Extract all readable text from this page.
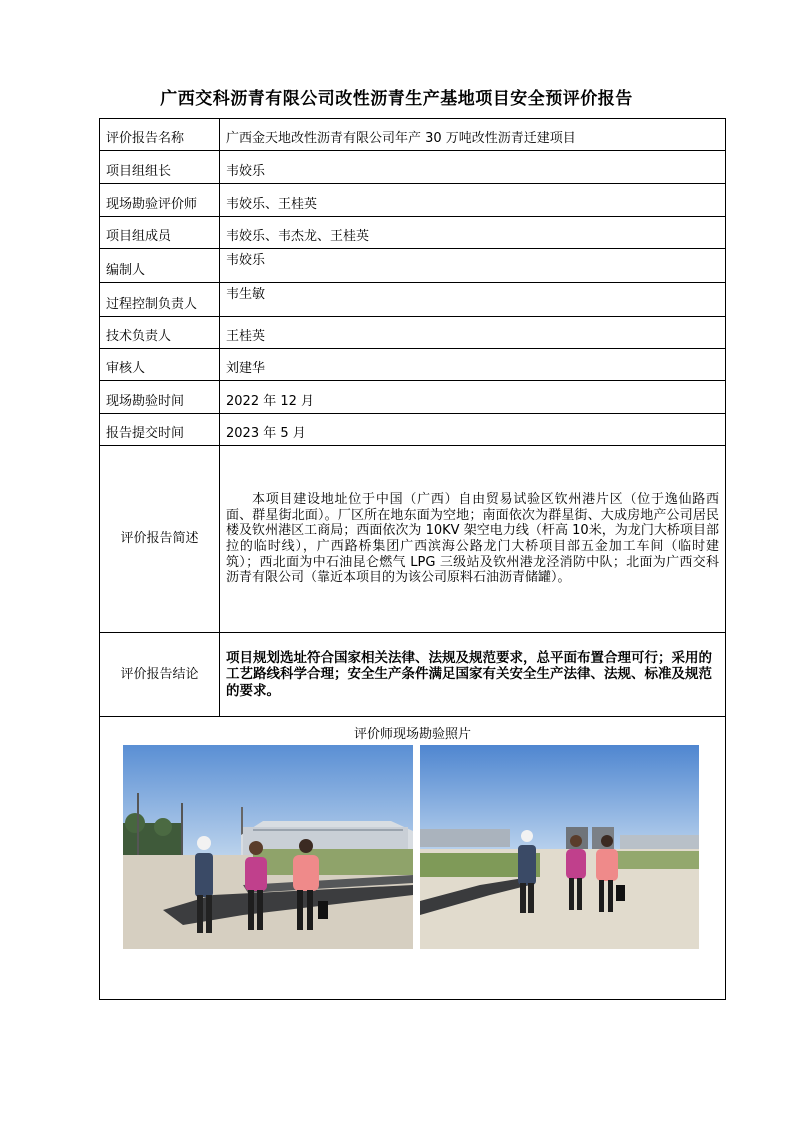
广西交科沥青有限公司改性沥青生产基地项目安全预评价报告
评价报告名称	广西金天地改性沥青有限公司年产 30 万吨改性沥青迁建项目
项目组组长	韦姣乐
现场勘验评价师	韦姣乐、王桂英
项目组成员	韦姣乐、韦杰龙、王桂英
编制人	韦姣乐
过程控制负责人	韦生敏
技术负责人	王桂英
审核人	刘建华
现场勘验时间	2022 年 12 月
报告提交时间	2023 年 5 月
评价报告简述	本项目建设地址位于中国（广西）自由贸易试验区钦州港片区（位于逸仙路西面、群星街北面）。厂区所在地东面为空地；南面依次为群星街、大成房地产公司居民楼及钦州港区工商局；西面依次为 10KV 架空电力线（杆高 10米，为龙门大桥项目部拉的临时线），广西路桥集团广西滨海公路龙门大桥项目部五金加工车间（临时建筑）；西北面为中石油昆仑燃气 LPG 三级站及钦州港龙泾消防中队；北面为广西交科沥青有限公司（靠近本项目的为该公司原料石油沥青储罐）。
评价报告结论	项目规划选址符合国家相关法律、法规及规范要求，总平面布置合理可行；采用的工艺路线科学合理；安全生产条件满足国家有关安全生产法律、法规、标准及规范的要求。

评价师现场勘验照片	
